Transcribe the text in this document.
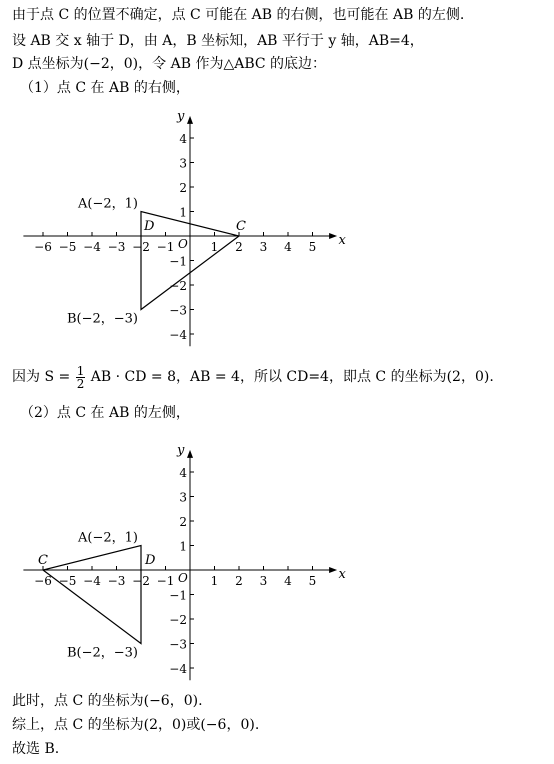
由于点 C 的位置不确定，点 C 可能在 AB 的右侧，也可能在 AB 的左侧.
设 AB 交 x 轴于 D，由 A，B 坐标知，AB 平行于 y 轴，AB=4，
D 点坐标为(−2，0)，令 AB 作为△ABC 的底边：
（1）点 C 在 AB 的右侧，
x
y
O
−6 −5 −4 −3 −2 −1	1 2 3 4 5
4
3
2
1
−1
−2
−3
−4
A(−2，1)
B(−2，−3)
C
D
因为 $S = \frac{1}{2}$ AB · CD = 8，AB = 4，所以 CD=4，即点 C 的坐标为(2，0).
（2）点 C 在 AB 的左侧，
x
y
O
−6 −5 −4 −3 −2 −1	1 2 3 4 5
4
3
2
1
−1
−2
−3
−4
A(−2，1)
B(−2，−3)
C	D
此时，点 C 的坐标为(−6，0).
综上，点 C 的坐标为(2，0)或(−6，0).
故选 B.
